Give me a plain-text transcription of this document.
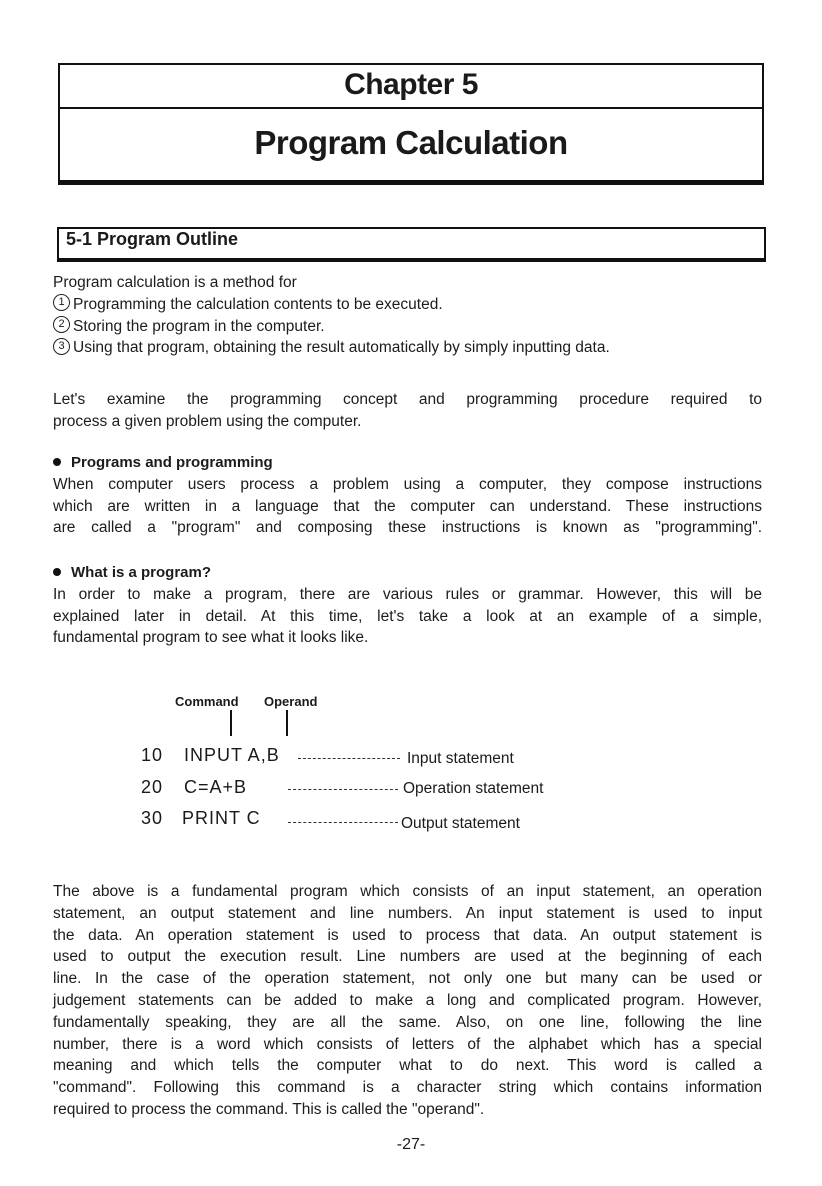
Chapter 5
Program Calculation
5-1 Program Outline

Program calculation is a method for

1 Programming the calculation contents to be executed.

2 Storing the program in the computer.

3 Using that program, obtaining the result automatically by simply inputting data.

Let's examine the programming concept and programming procedure required to

process a given problem using the computer.

Programs and programming

When computer users process a problem using a computer, they compose instructions

which are written in a language that the computer can understand. These instructions

are called a "program" and composing these instructions is known as "programming".

What is a program?

In order to make a program, there are various rules or grammar. However, this will be

explained later in detail. At this time, let's take a look at an example of a simple,

fundamental program to see what it looks like.

Command Operand
10 INPUT A,B	Input statement
20 C=A+B	Operation statement
30 PRINT C	Output statement

The above is a fundamental program which consists of an input statement, an operation

statement, an output statement and line numbers. An input statement is used to input

the data. An operation statement is used to process that data. An output statement is

used to output the execution result. Line numbers are used at the beginning of each

line. In the case of the operation statement, not only one but many can be used or

judgement statements can be added to make a long and complicated program. However,

fundamentally speaking, they are all the same. Also, on one line, following the line

number, there is a word which consists of letters of the alphabet which has a special

meaning and which tells the computer what to do next. This word is called a

"command". Following this command is a character string which contains information

required to process the command. This is called the "operand".

-27-
